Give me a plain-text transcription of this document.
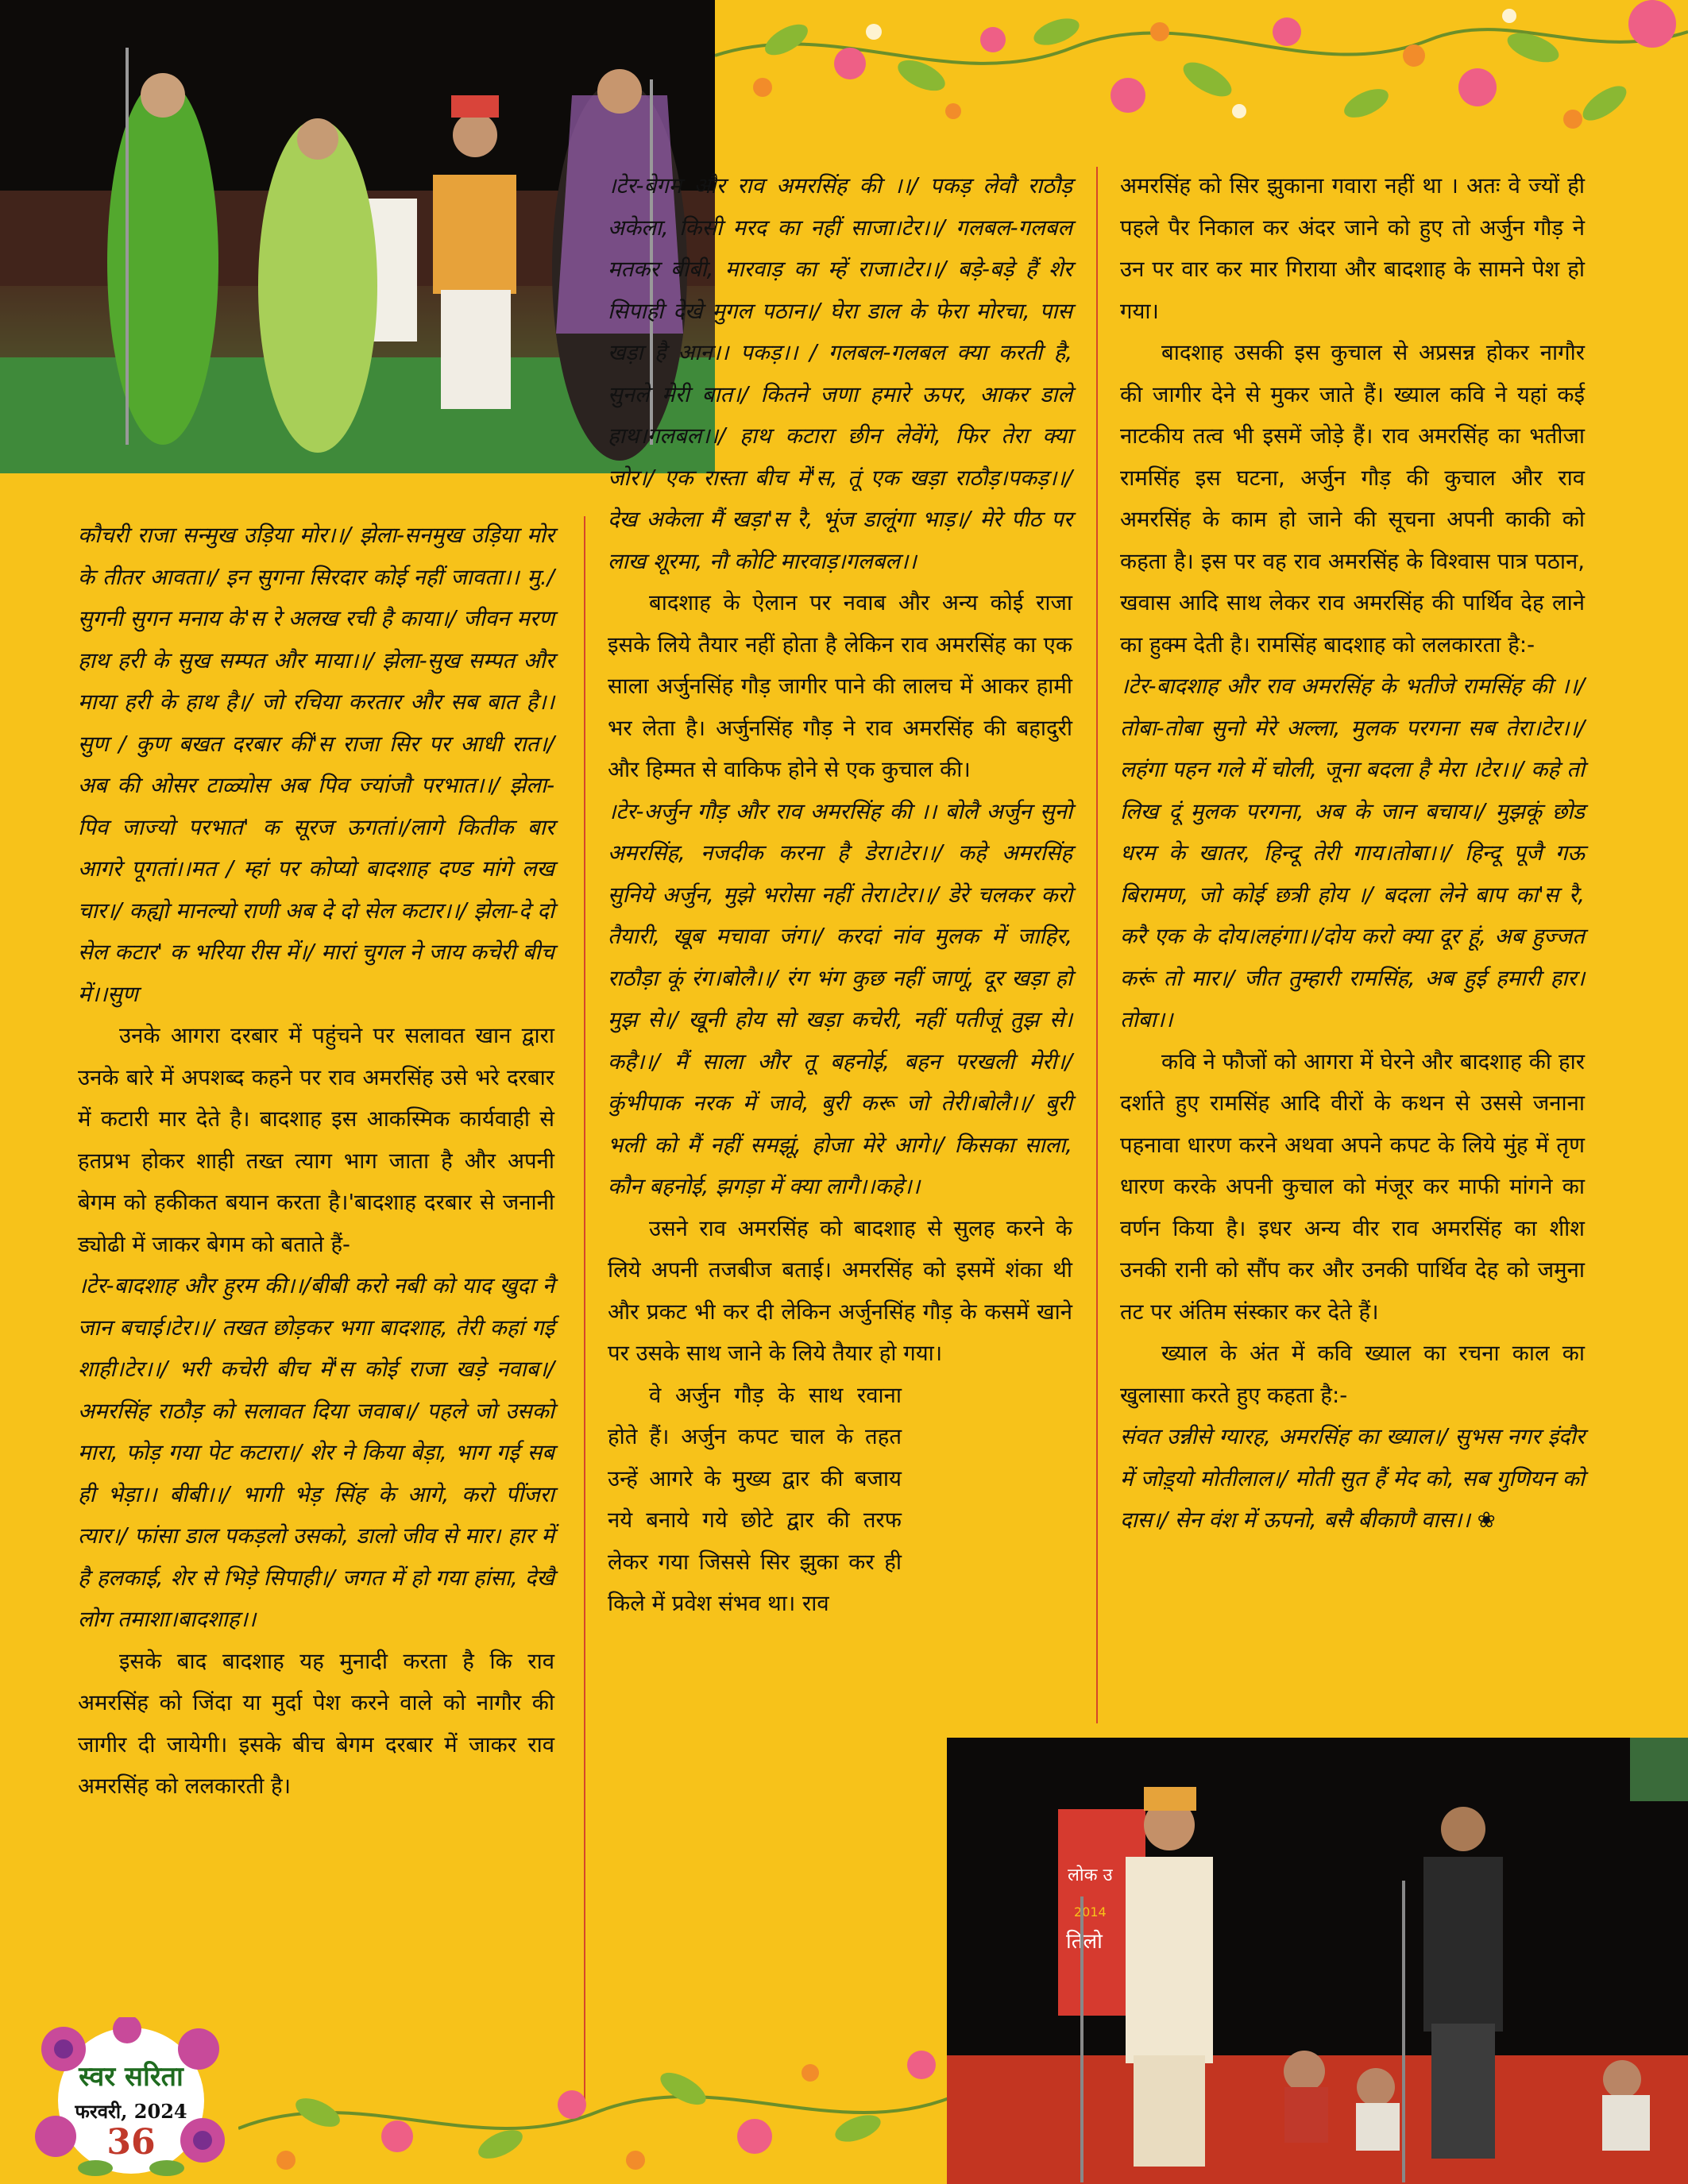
कौचरी राजा सन्मुख उड़िया मोर।।/ झेला-सनमुख उड़िया मोर के तीतर आवता।/ इन सुगना सिरदार कोई नहीं जावता।। मु./ सुगनी सुगन मनाय के'स रे अलख रची है काया।/ जीवन मरण हाथ हरी के सुख सम्पत और माया।।/ झेला-सुख सम्पत और माया हरी के हाथ है।/ जो रचिया करतार और सब बात है।। सुण / कुण बखत दरबार कीं'स राजा सिर पर आधी रात।/ अब की ओसर टाळ्योस अब पिव ज्यांजौ परभात।।/ झेला-पिव जाज्यो परभात' क सूरज ऊगतां।/लागे कितीक बार आगरे पूगतां।।मत / म्हां पर कोप्यो बादशाह दण्ड मांगे लख चार।/ कह्यो मानल्यो राणी अब दे दो सेल कटार।।/ झेला-दे दो सेल कटार' क भरिया रीस में।/ मारां चुगल ने जाय कचेरी बीच में।।सुण

उनके आगरा दरबार में पहुंचने पर सलावत खान द्वारा उनके बारे में अपशब्द कहने पर राव अमरसिंह उसे भरे दरबार में कटारी मार देते है। बादशाह इस आकस्मिक कार्यवाही से हतप्रभ होकर शाही तख्त त्याग भाग जाता है और अपनी बेगम को हकीकत बयान करता है।'बादशाह दरबार से जनानी ड्योढी में जाकर बेगम को बताते हैं-

।टेर-बादशाह और हुरम की।।/बीबी करो नबी को याद खुदा नै जान बचाई।टेर।।/ तखत छोड़कर भगा बादशाह, तेरी कहां गई शाही।टेर।।/ भरी कचेरी बीच में'स कोई राजा खड़े नवाब।/अमरसिंह राठौड़ को सलावत दिया जवाब।/ पहले जो उसको मारा, फोड़ गया पेट कटारा।/ शेर ने किया बेड़ा, भाग गई सब ही भेड़ा।। बीबी।।/ भागी भेड़ सिंह के आगे, करो पींजरा त्यार।/ फांसा डाल पकड़लो उसको, डालो जीव से मार। हार में है हलकाई, शेर से भिड़े सिपाही।/ जगत में हो गया हांसा, देखै लोग तमाशा।बादशाह।।

इसके बाद बादशाह यह मुनादी करता है कि राव अमरसिंह को जिंदा या मुर्दा पेश करने वाले को नागौर की जागीर दी जायेगी। इसके बीच बेगम दरबार में जाकर राव अमरसिंह को ललकारती है।

।टेर-बेगम और राव अमरसिंह की ।।/ पकड़ लेवौ राठौड़ अकेला, किसी मरद का नहीं साजा।टेर।।/ गलबल-गलबल मतकर बीबी, मारवाड़ का म्हें राजा।टेर।।/ बड़े-बड़े हैं शेर सिपाही देखे मुगल पठान।/ घेरा डाल के फेरा मोरचा, पास खड़ा है आन।। पकड़।। / गलबल-गलबल क्या करती है, सुनले मेरी बात।/ कितने जणा हमारे ऊपर, आकर डाले हाथ।गलबल।।/ हाथ कटारा छीन लेवेंगे, फिर तेरा क्या जोर।/ एक रास्ता बीच में'स, तूं एक खड़ा राठौड़।पकड़।।/ देख अकेला मैं खड़ा'स रै, भूंज डालूंगा भाड़।/ मेरे पीठ पर लाख शूरमा, नौ कोटि मारवाड़।गलबल।।

बादशाह के ऐलान पर नवाब और अन्य कोई राजा इसके लिये तैयार नहीं होता है लेकिन राव अमरसिंह का एक साला अर्जुनसिंह गौड़ जागीर पाने की लालच में आकर हामी भर लेता है। अर्जुनसिंह गौड़ ने राव अमरसिंह की बहादुरी और हिम्मत से वाकिफ होने से एक कुचाल की।

।टेर-अर्जुन गौड़ और राव अमरसिंह की ।। बोलै अर्जुन सुनो अमरसिंह, नजदीक करना है डेरा।टेर।।/ कहे अमरसिंह सुनिये अर्जुन, मुझे भरोसा नहीं तेरा।टेर।।/ डेरे चलकर करो तैयारी, खूब मचावा जंग।/ करदां नांव मुलक में जाहिर, राठौड़ा कूं रंग।बोलै।।/ रंग भंग कुछ नहीं जाणूं, दूर खड़ा हो मुझ से।/ खूनी होय सो खड़ा कचेरी, नहीं पतीजूं तुझ से।कहै।।/ मैं साला और तू बहनोई, बहन परखली मेरी।/ कुंभीपाक नरक में जावे, बुरी करू जो तेरी।बोलै।।/ बुरी भली को मैं नहीं समझूं, होजा मेरे आगे।/ किसका साला, कौन बहनोई, झगड़ा में क्या लागै।।कहे।।

उसने राव अमरसिंह को बादशाह से सुलह करने के लिये अपनी तजबीज बताई। अमरसिंह को इसमें शंका थी और प्रकट भी कर दी लेकिन अर्जुनसिंह गौड़ के कसमें खाने पर उसके साथ जाने के लिये तैयार हो गया।

वे अर्जुन गौड़ के साथ रवाना होते हैं। अर्जुन कपट चाल के तहत उन्हें आगरे के मुख्य द्वार की बजाय नये बनाये गये छोटे द्वार की तरफ लेकर गया जिससे सिर झुका कर ही किले में प्रवेश संभव था। राव

अमरसिंह को सिर झुकाना गवारा नहीं था । अतः वे ज्यों ही पहले पैर निकाल कर अंदर जाने को हुए तो अर्जुन गौड़ ने उन पर वार कर मार गिराया और बादशाह के सामने पेश हो गया।

बादशाह उसकी इस कुचाल से अप्रसन्न होकर नागौर की जागीर देने से मुकर जाते हैं। ख्याल कवि ने यहां कई नाटकीय तत्व भी इसमें जोड़े हैं। राव अमरसिंह का भतीजा रामसिंह इस घटना, अर्जुन गौड़ की कुचाल और राव अमरसिंह के काम हो जाने की सूचना अपनी काकी को कहता है। इस पर वह राव अमरसिंह के विश्वास पात्र पठान, खवास आदि साथ लेकर राव अमरसिंह की पार्थिव देह लाने का हुक्म देती है। रामसिंह बादशाह को ललकारता है:-

।टेर-बादशाह और राव अमरसिंह के भतीजे रामसिंह की ।।/ तोबा-तोबा सुनो मेरे अल्ला, मुलक परगना सब तेरा।टेर।।/ लहंगा पहन गले में चोली, जूना बदला है मेरा ।टेर।।/ कहे तो लिख दूं मुलक परगना, अब के जान बचाय।/ मुझकूं छोड धरम के खातर, हिन्दू तेरी गाय।तोबा।।/ हिन्दू पूजै गऊ बिरामण, जो कोई छत्री होय ।/ बदला लेने बाप का'स रै, करै एक के दोय।लहंगा।।/दोय करो क्या दूर हूं, अब हुज्जत करूं तो मार।/ जीत तुम्हारी रामसिंह, अब हुई हमारी हार।तोबा।।

कवि ने फौजों को आगरा में घेरने और बादशाह की हार दर्शाते हुए रामसिंह आदि वीरों के कथन से उससे जनाना पहनावा धारण करने अथवा अपने कपट के लिये मुंह में तृण धारण करके अपनी कुचाल को मंजूर कर माफी मांगने का वर्णन किया है। इधर अन्य वीर राव अमरसिंह का शीश उनकी रानी को सौंप कर और उनकी पार्थिव देह को जमुना तट पर अंतिम संस्कार कर देते हैं।

ख्याल के अंत में कवि ख्याल का रचना काल का खुलासाा करते हुए कहता है:-

संवत उन्नीसे ग्यारह, अमरसिंह का ख्याल।/ सुभस नगर इंदौर में जोड़्यो मोतीलाल।/ मोती सुत हैं मेद को, सब गुणियन को दास।/ सेन वंश में ऊपनो, बसै बीकाणै वास।। ❀

स्वर सरिता
फरवरी, 2024
36
लोक उ
2014
तिलो
